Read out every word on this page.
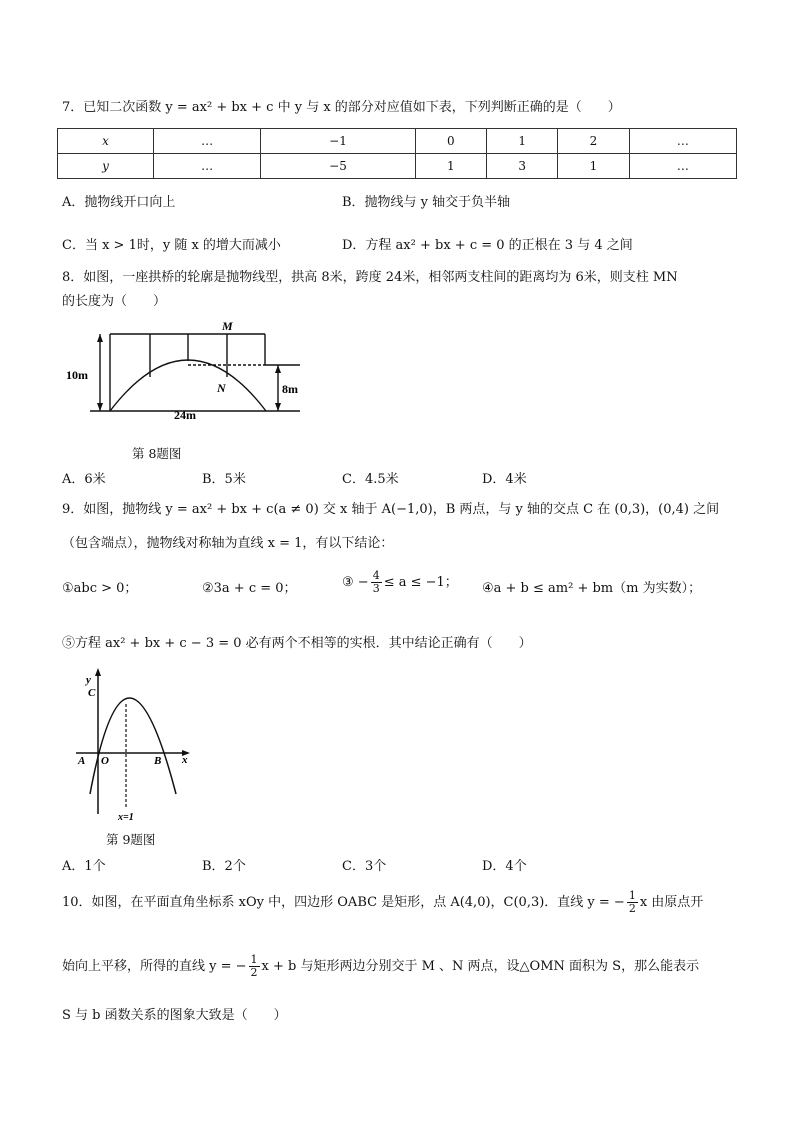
7．已知二次函数 y = ax² + bx + c 中 y 与 x 的部分对应值如下表，下列判断正确的是（　　）
x	…	−1	0	1	2	…
y	…	−5	1	3	1	…
A．抛物线开口向上	B．抛物线与 y 轴交于负半轴
C．当 x > 1时，y 随 x 的增大而减小	D．方程 ax² + bx + c = 0 的正根在 3 与 4 之间
8．如图，一座拱桥的轮廓是抛物线型，拱高 8米，跨度 24米，相邻两支柱间的距离均为 6米，则支柱 MN
的长度为（　　）
M
N
10m
8m
24m
第 8题图
A．6米	B．5米	C．4.5米	D．4米
9．如图，抛物线 y = ax² + bx + c(a ≠ 0) 交 x 轴于 A(−1,0)，B 两点，与 y 轴的交点 C 在 (0,3)，(0,4) 之间
（包含端点），抛物线对称轴为直线 x = 1，有以下结论：
①abc > 0；	②3a + c = 0；	③ − $\frac{4}{3} \le a \le -1$； ④a + b ≤ am² + bm（m 为实数）；
⑤方程 ax² + bx + c − 3 = 0 必有两个不相等的实根．其中结论正确有（　　）
y
C
A O	B x
x=1
第 9题图
A．1个	B．2个	C．3个	D．4个
10．如图，在平面直角坐标系 xOy 中，四边形 OABC 是矩形，点 A(4,0)，C(0,3)．直线 y = − $\frac{1}{2}$ x 由原点开
始向上平移，所得的直线 y = − $\frac{1}{2}$ x + b 与矩形两边分别交于 M 、N 两点，设△OMN 面积为 S，那么能表示
S 与 b 函数关系的图象大致是（　　）
